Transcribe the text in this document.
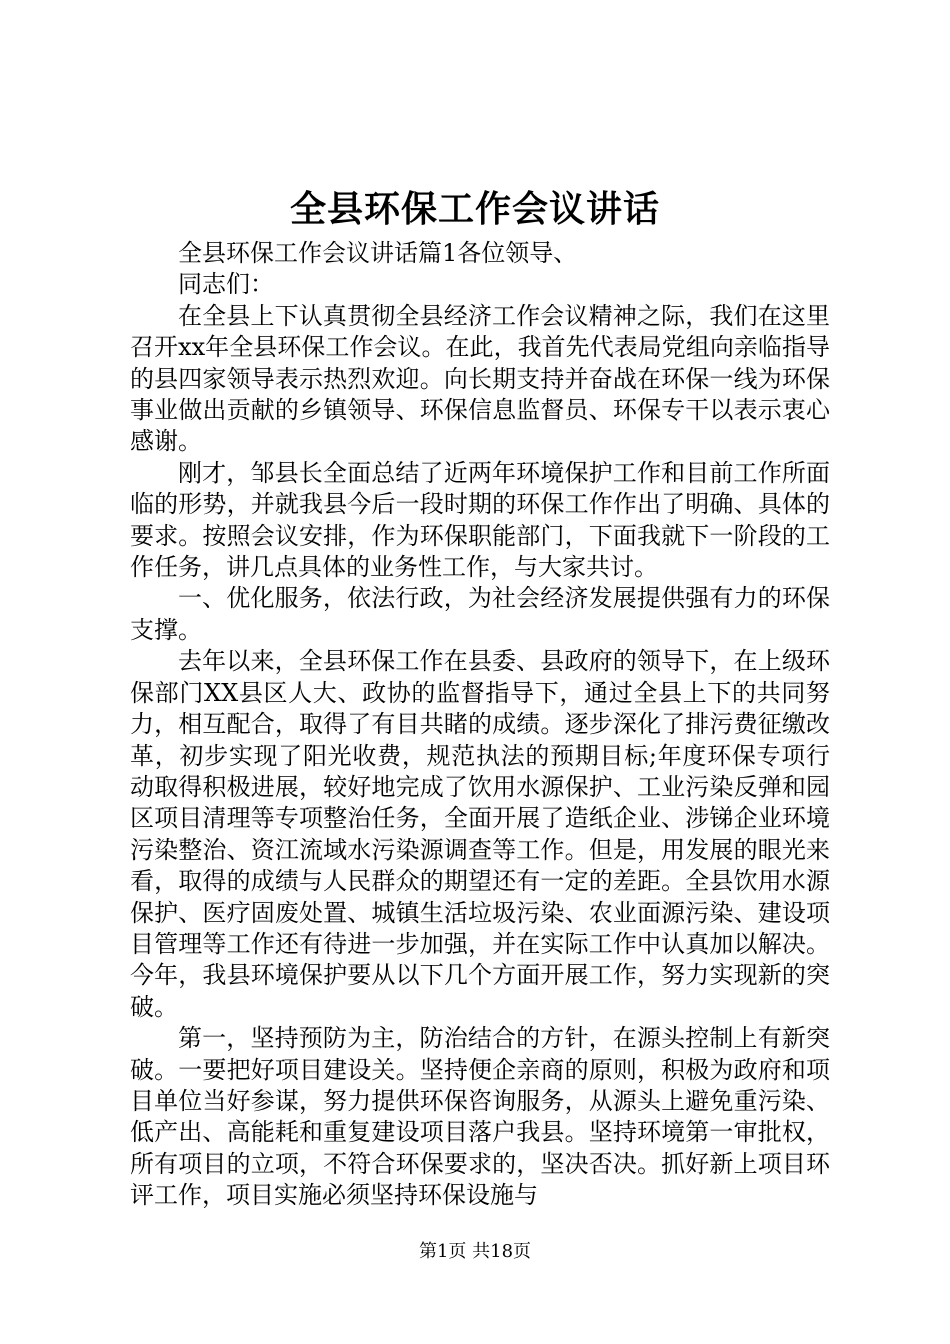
全县环保工作会议讲话

全县环保工作会议讲话篇1各位领导、

同志们：

在全县上下认真贯彻全县经济工作会议精神之际，我们在这里召开xx年全县环保工作会议。在此，我首先代表局党组向亲临指导的县四家领导表示热烈欢迎。向长期支持并奋战在环保一线为环保事业做出贡献的乡镇领导、环保信息监督员、环保专干以表示衷心感谢。

刚才，邹县长全面总结了近两年环境保护工作和目前工作所面临的形势，并就我县今后一段时期的环保工作作出了明确、具体的要求。按照会议安排，作为环保职能部门，下面我就下一阶段的工作任务，讲几点具体的业务性工作，与大家共讨。

一、优化服务，依法行政，为社会经济发展提供强有力的环保支撑。

去年以来，全县环保工作在县委、县政府的领导下，在上级环保部门XX县区人大、政协的监督指导下，通过全县上下的共同努力，相互配合，取得了有目共睹的成绩。逐步深化了排污费征缴改革，初步实现了阳光收费，规范执法的预期目标;年度环保专项行动取得积极进展，较好地完成了饮用水源保护、工业污染反弹和园区项目清理等专项整治任务，全面开展了造纸企业、涉锑企业环境污染整治、资江流域水污染源调查等工作。但是，用发展的眼光来看，取得的成绩与人民群众的期望还有一定的差距。全县饮用水源保护、医疗固废处置、城镇生活垃圾污染、农业面源污染、建设项目管理等工作还有待进一步加强，并在实际工作中认真加以解决。今年，我县环境保护要从以下几个方面开展工作，努力实现新的突破。

第一，坚持预防为主，防治结合的方针，在源头控制上有新突破。一要把好项目建设关。坚持便企亲商的原则，积极为政府和项目单位当好参谋，努力提供环保咨询服务，从源头上避免重污染、低产出、高能耗和重复建设项目落户我县。坚持环境第一审批权，所有项目的立项，不符合环保要求的，坚决否决。抓好新上项目环评工作，项目实施必须坚持环保设施与

第1页 共18页
